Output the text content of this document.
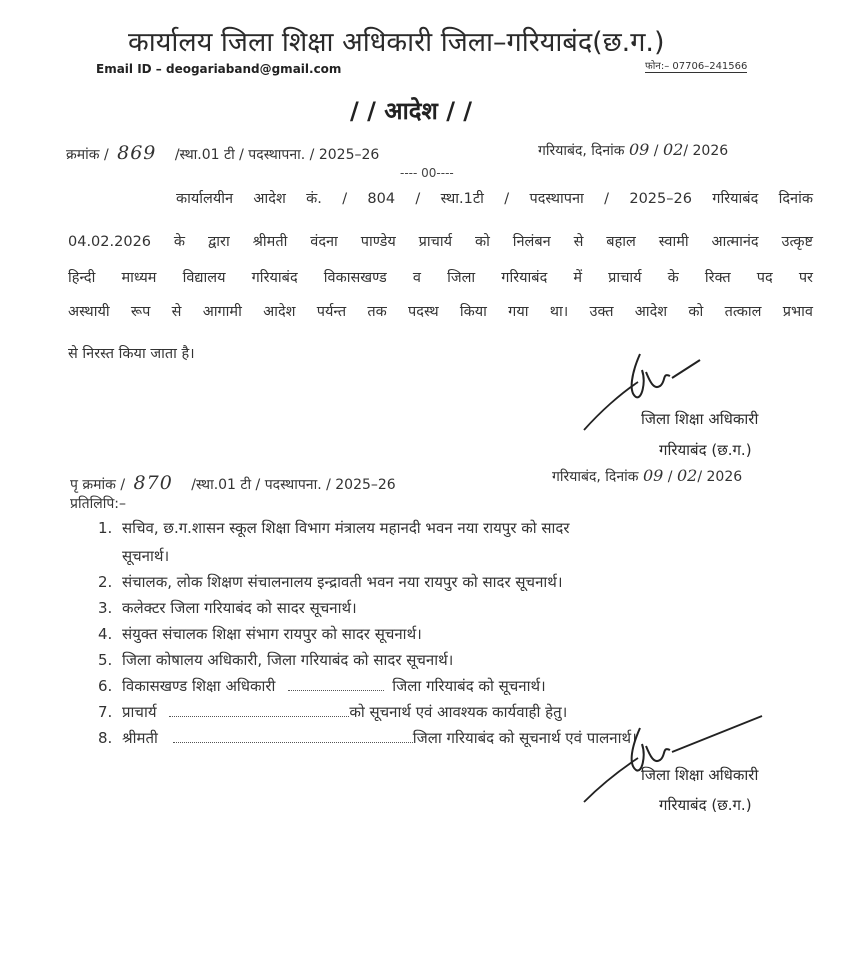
कार्यालय जिला शिक्षा अधिकारी जिला–गरियाबंद(छ.ग.)
Email ID – deogariaband@gmail.com	फोन:– 07706–241566
/ / आदेश / /
क्रमांक / 869 /स्था.01 टी / पदस्थापना. / 2025–26	गरियाबंद, दिनांक 09 / 02/ 2026
---- 00----
कार्यालयीन आदेश कं. / 804 / स्था.1टी / पदस्थापना / 2025–26 गरियाबंद दिनांक
04.02.2026 के द्वारा श्रीमती वंदना पाण्डेय प्राचार्य को निलंबन से बहाल स्वामी आत्मानंद उत्कृष्ट
हिन्दी माध्यम विद्यालय गरियाबंद विकासखण्ड व जिला गरियाबंद में प्राचार्य के रिक्त पद पर
अस्थायी रूप से आगामी आदेश पर्यन्त तक पदस्थ किया गया था। उक्त आदेश को तत्काल प्रभाव
से निरस्त किया जाता है।
जिला शिक्षा अधिकारी
गरियाबंद (छ.ग.)
पृ क्रमांक / 870 /स्था.01 टी / पदस्थापना. / 2025–26	गरियाबंद, दिनांक 09 / 02/ 2026
प्रतिलिपि:–
1. सचिव, छ.ग.शासन स्कूल शिक्षा विभाग मंत्रालय महानदी भवन नया रायपुर को सादर
सूचनार्थ।
2. संचालक, लोक शिक्षण संचालनालय इन्द्रावती भवन नया रायपुर को सादर सूचनार्थ।
3. कलेक्टर जिला गरियाबंद को सादर सूचनार्थ।
4. संयुक्त संचालक शिक्षा संभाग रायपुर को सादर सूचनार्थ।
5. जिला कोषालय अधिकारी, जिला गरियाबंद को सादर सूचनार्थ।
6. विकासखण्ड शिक्षा अधिकारी	जिला गरियाबंद को सूचनार्थ।
7. प्राचार्य	को सूचनार्थ एवं आवश्यक कार्यवाही हेतु।
8. श्रीमती	जिला गरियाबंद को सूचनार्थ एवं पालनार्थ।
जिला शिक्षा अधिकारी
गरियाबंद (छ.ग.)
